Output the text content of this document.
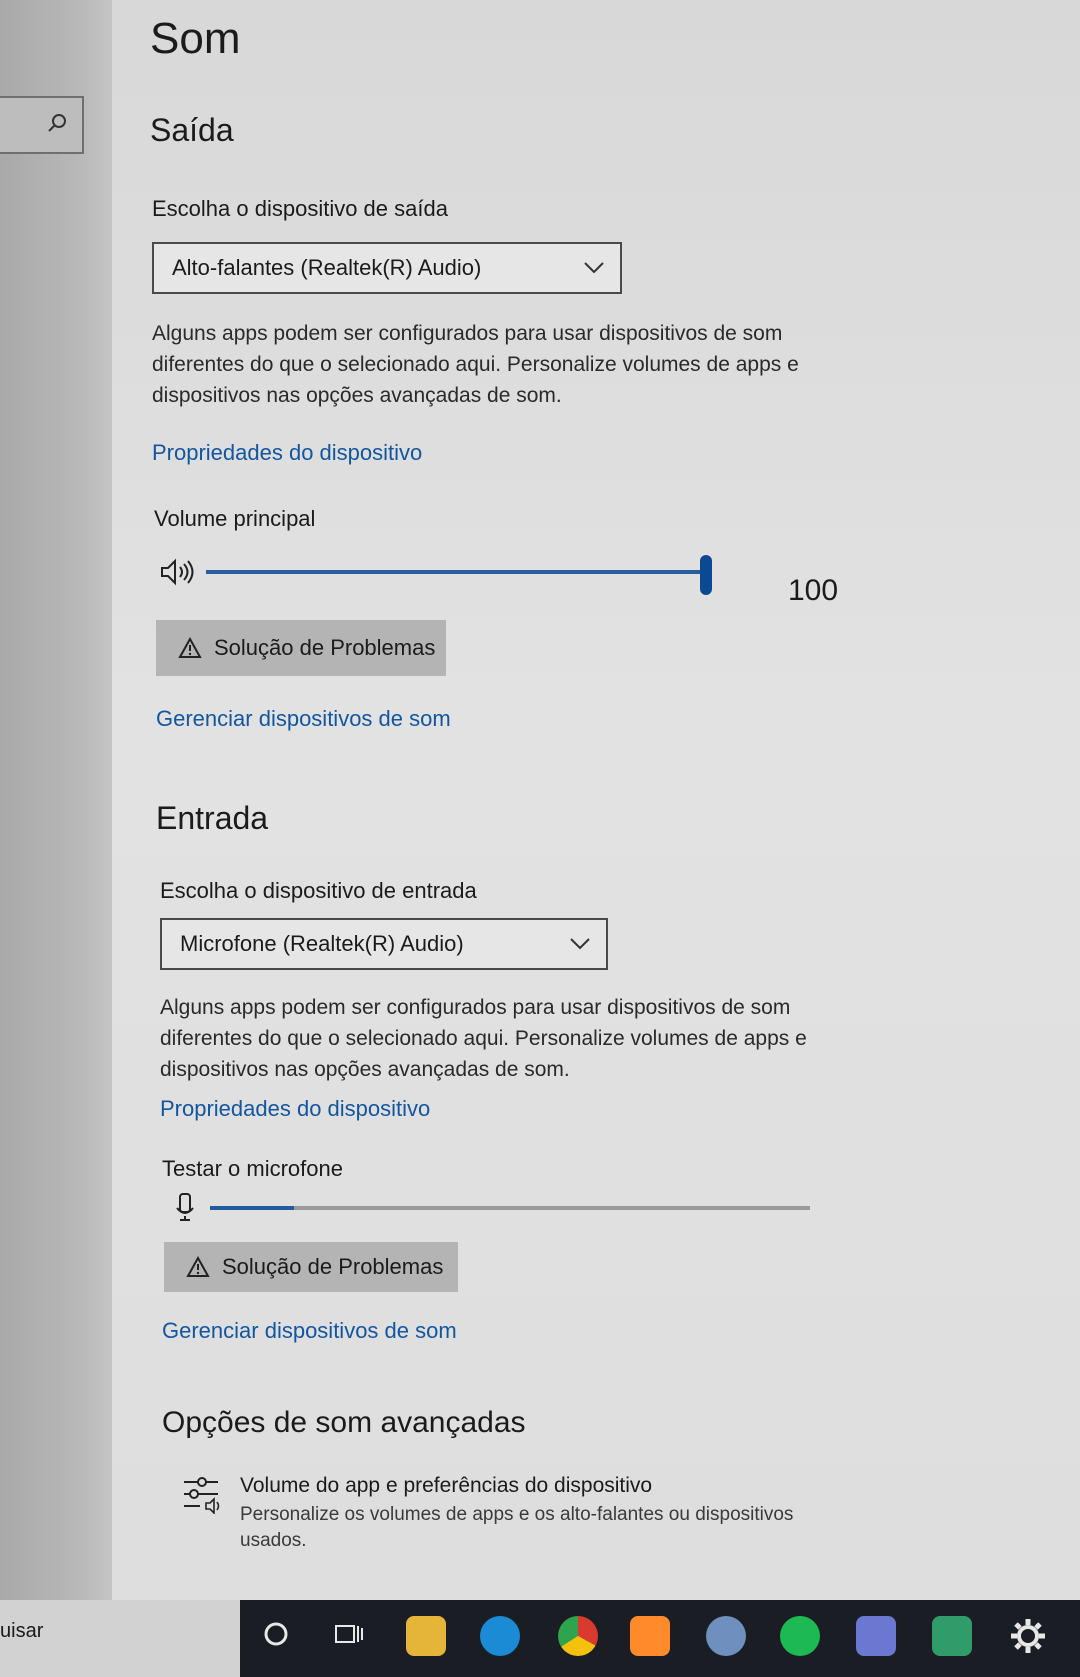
Som
Saída
Escolha o dispositivo de saída
Alto-falantes (Realtek(R) Audio)
Alguns apps podem ser configurados para usar dispositivos de som diferentes do que o selecionado aqui. Personalize volumes de apps e dispositivos nas opções avançadas de som.
Propriedades do dispositivo
Volume principal
100
Solução de Problemas
Gerenciar dispositivos de som
Entrada
Escolha o dispositivo de entrada
Microfone (Realtek(R) Audio)
Alguns apps podem ser configurados para usar dispositivos de som diferentes do que o selecionado aqui. Personalize volumes de apps e dispositivos nas opções avançadas de som.
Propriedades do dispositivo
Testar o microfone
Solução de Problemas
Gerenciar dispositivos de som
Opções de som avançadas
Volume do app e preferências do dispositivo
Personalize os volumes de apps e os alto-falantes ou dispositivos usados.
uisar
